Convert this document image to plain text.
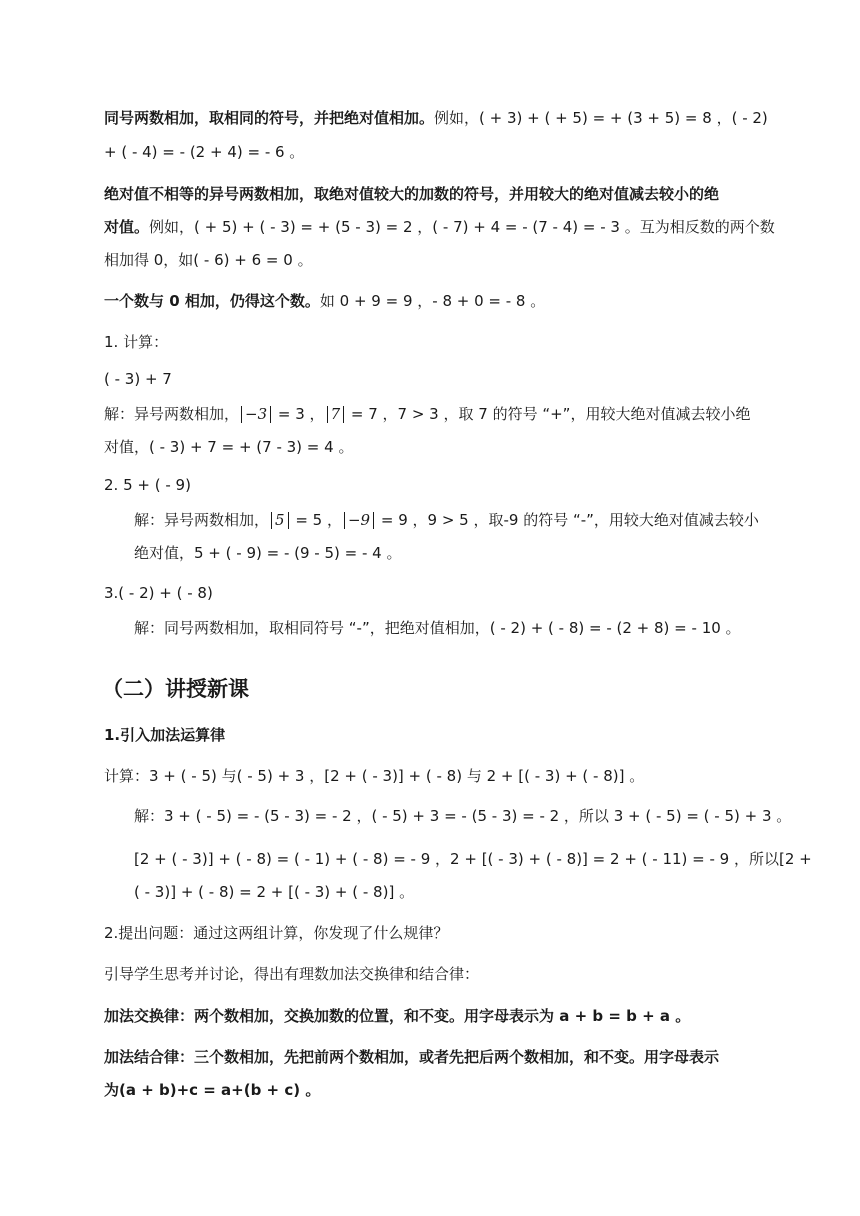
同号两数相加，取相同的符号，并把绝对值相加。例如，( + 3) + ( + 5) = + (3 + 5) = 8 ，( - 2)
+ ( - 4) = - (2 + 4) = - 6 。
绝对值不相等的异号两数相加，取绝对值较大的加数的符号，并用较大的绝对值减去较小的绝
对值。例如，( + 5) + ( - 3) = + (5 - 3) = 2 ，( - 7) + 4 = - (7 - 4) = - 3 。互为相反数的两个数
相加得 0，如( - 6) + 6 = 0 。
一个数与 0 相加，仍得这个数。如 0 + 9 = 9 ，- 8 + 0 = - 8 。
1. 计算：
( - 3) + 7
解：异号两数相加， −3 = 3 ， 7 = 7 ，7 > 3 ，取 7 的符号 “+”，用较大绝对值减去较小绝
对值，( - 3) + 7 = + (7 - 3) = 4 。
2. 5 + ( - 9)
解：异号两数相加， 5 = 5 ， −9 = 9 ，9 > 5 ，取-9 的符号 “-”，用较大绝对值减去较小
绝对值，5 + ( - 9) = - (9 - 5) = - 4 。
3.( - 2) + ( - 8)
解：同号两数相加，取相同符号 “-”，把绝对值相加，( - 2) + ( - 8) = - (2 + 8) = - 10 。
（二）讲授新课
1.引入加法运算律
计算：3 + ( - 5) 与( - 5) + 3 ，[2 + ( - 3)] + ( - 8) 与 2 + [( - 3) + ( - 8)] 。
解：3 + ( - 5) = - (5 - 3) = - 2 ，( - 5) + 3 = - (5 - 3) = - 2 ，所以 3 + ( - 5) = ( - 5) + 3 。
[2 + ( - 3)] + ( - 8) = ( - 1) + ( - 8) = - 9 ，2 + [( - 3) + ( - 8)] = 2 + ( - 11) = - 9 ，所以[2 +
( - 3)] + ( - 8) = 2 + [( - 3) + ( - 8)] 。
2.提出问题：通过这两组计算，你发现了什么规律？
引导学生思考并讨论，得出有理数加法交换律和结合律：
加法交换律：两个数相加，交换加数的位置，和不变。用字母表示为 a + b = b + a 。
加法结合律：三个数相加，先把前两个数相加，或者先把后两个数相加，和不变。用字母表示
为(a + b)+c = a+(b + c) 。
